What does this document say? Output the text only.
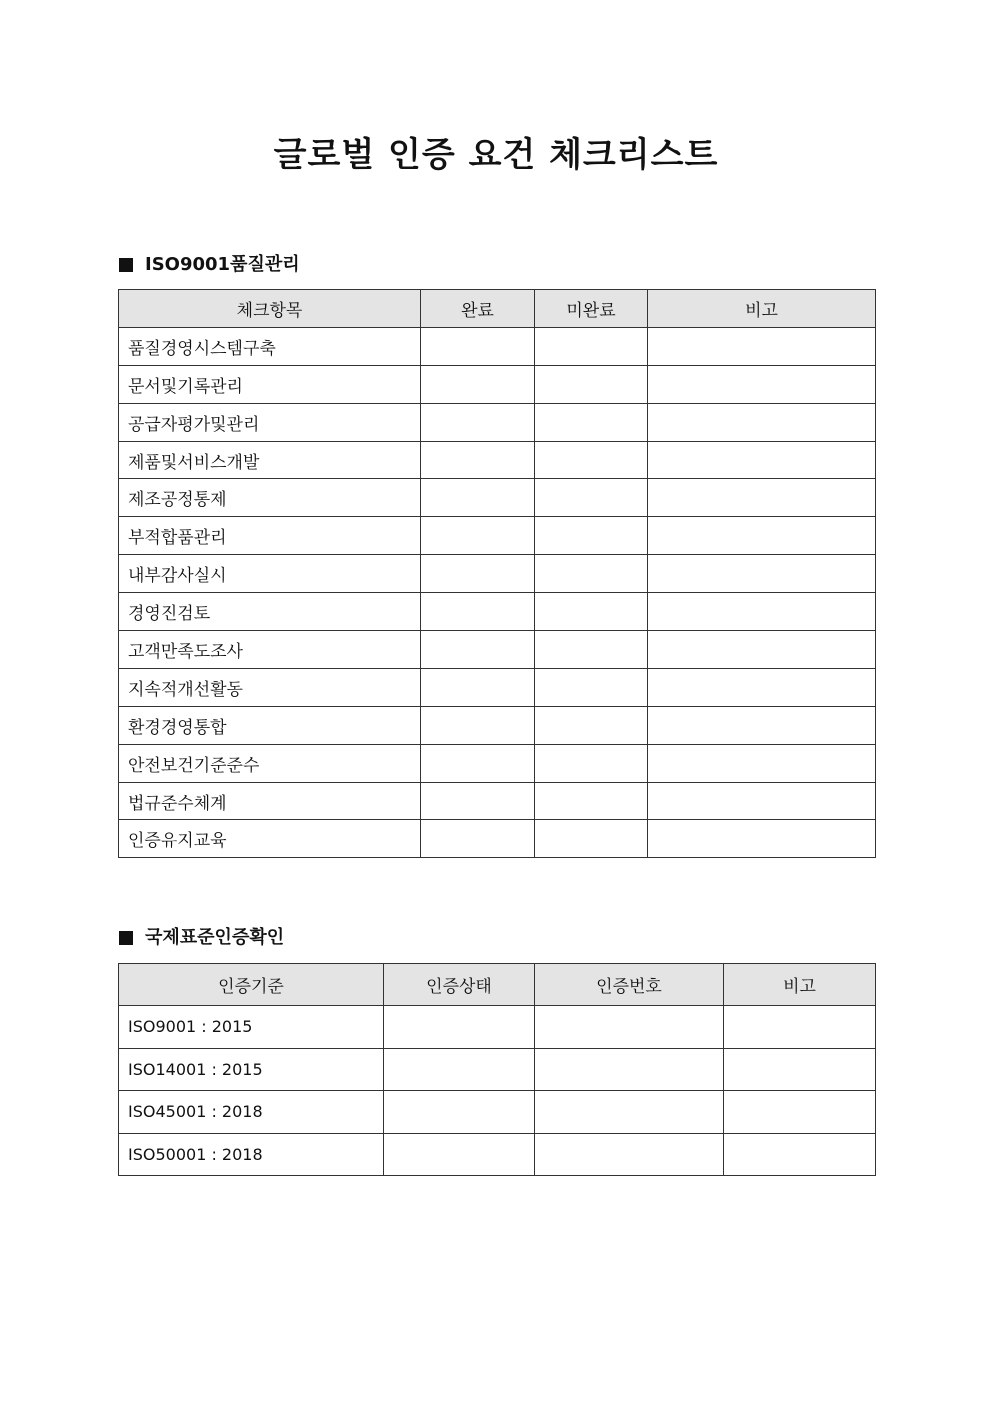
글로벌 인증 요건 체크리스트
ISO9001품질관리
체크항목	완료	미완료	비고
품질경영시스템구축			
문서및기록관리			
공급자평가및관리			
제품및서비스개발			
제조공정통제			
부적합품관리			
내부감사실시			
경영진검토			
고객만족도조사			
지속적개선활동			
환경경영통합			
안전보건기준준수			
법규준수체계			
인증유지교육			
국제표준인증확인
인증기준	인증상태	인증번호	비고
ISO9001 : 2015			
ISO14001 : 2015			
ISO45001 : 2018			
ISO50001 : 2018			
